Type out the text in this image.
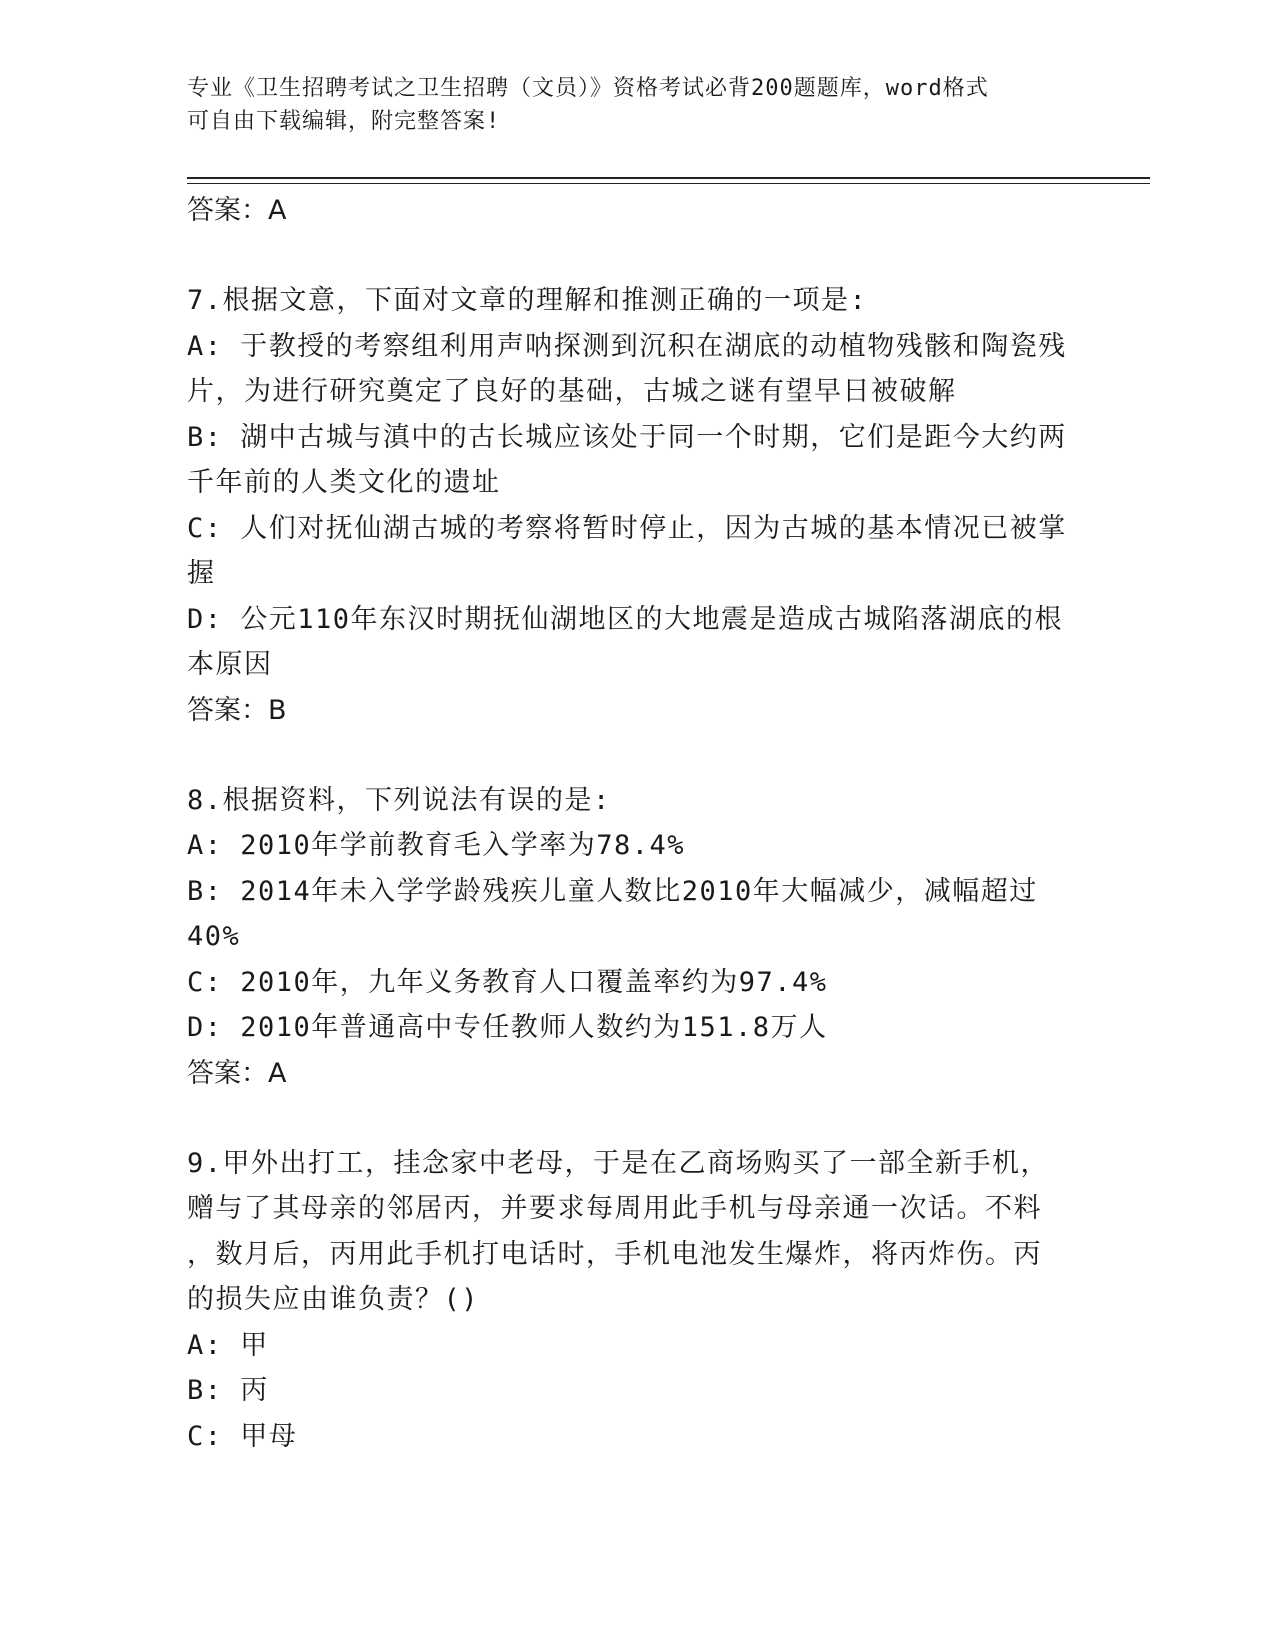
专业《卫生招聘考试之卫生招聘（文员）》资格考试必背200题题库，word格式
可自由下载编辑，附完整答案!
答案：A
7.根据文意，下面对文章的理解和推测正确的一项是:
A: 于教授的考察组利用声呐探测到沉积在湖底的动植物残骸和陶瓷残
片，为进行研究奠定了良好的基础，古城之谜有望早日被破解
B: 湖中古城与滇中的古长城应该处于同一个时期，它们是距今大约两
千年前的人类文化的遗址
C: 人们对抚仙湖古城的考察将暂时停止，因为古城的基本情况已被掌
握
D: 公元110年东汉时期抚仙湖地区的大地震是造成古城陷落湖底的根
本原因
答案：B
8.根据资料，下列说法有误的是:
A: 2010年学前教育毛入学率为78.4%
B: 2014年未入学学龄残疾儿童人数比2010年大幅减少，减幅超过
40%
C: 2010年，九年义务教育人口覆盖率约为97.4%
D: 2010年普通高中专任教师人数约为151.8万人
答案：A
9.甲外出打工，挂念家中老母，于是在乙商场购买了一部全新手机，
赠与了其母亲的邻居丙，并要求每周用此手机与母亲通一次话。不料
，数月后，丙用此手机打电话时，手机电池发生爆炸，将丙炸伤。丙
的损失应由谁负责？()
A: 甲
B: 丙
C: 甲母
